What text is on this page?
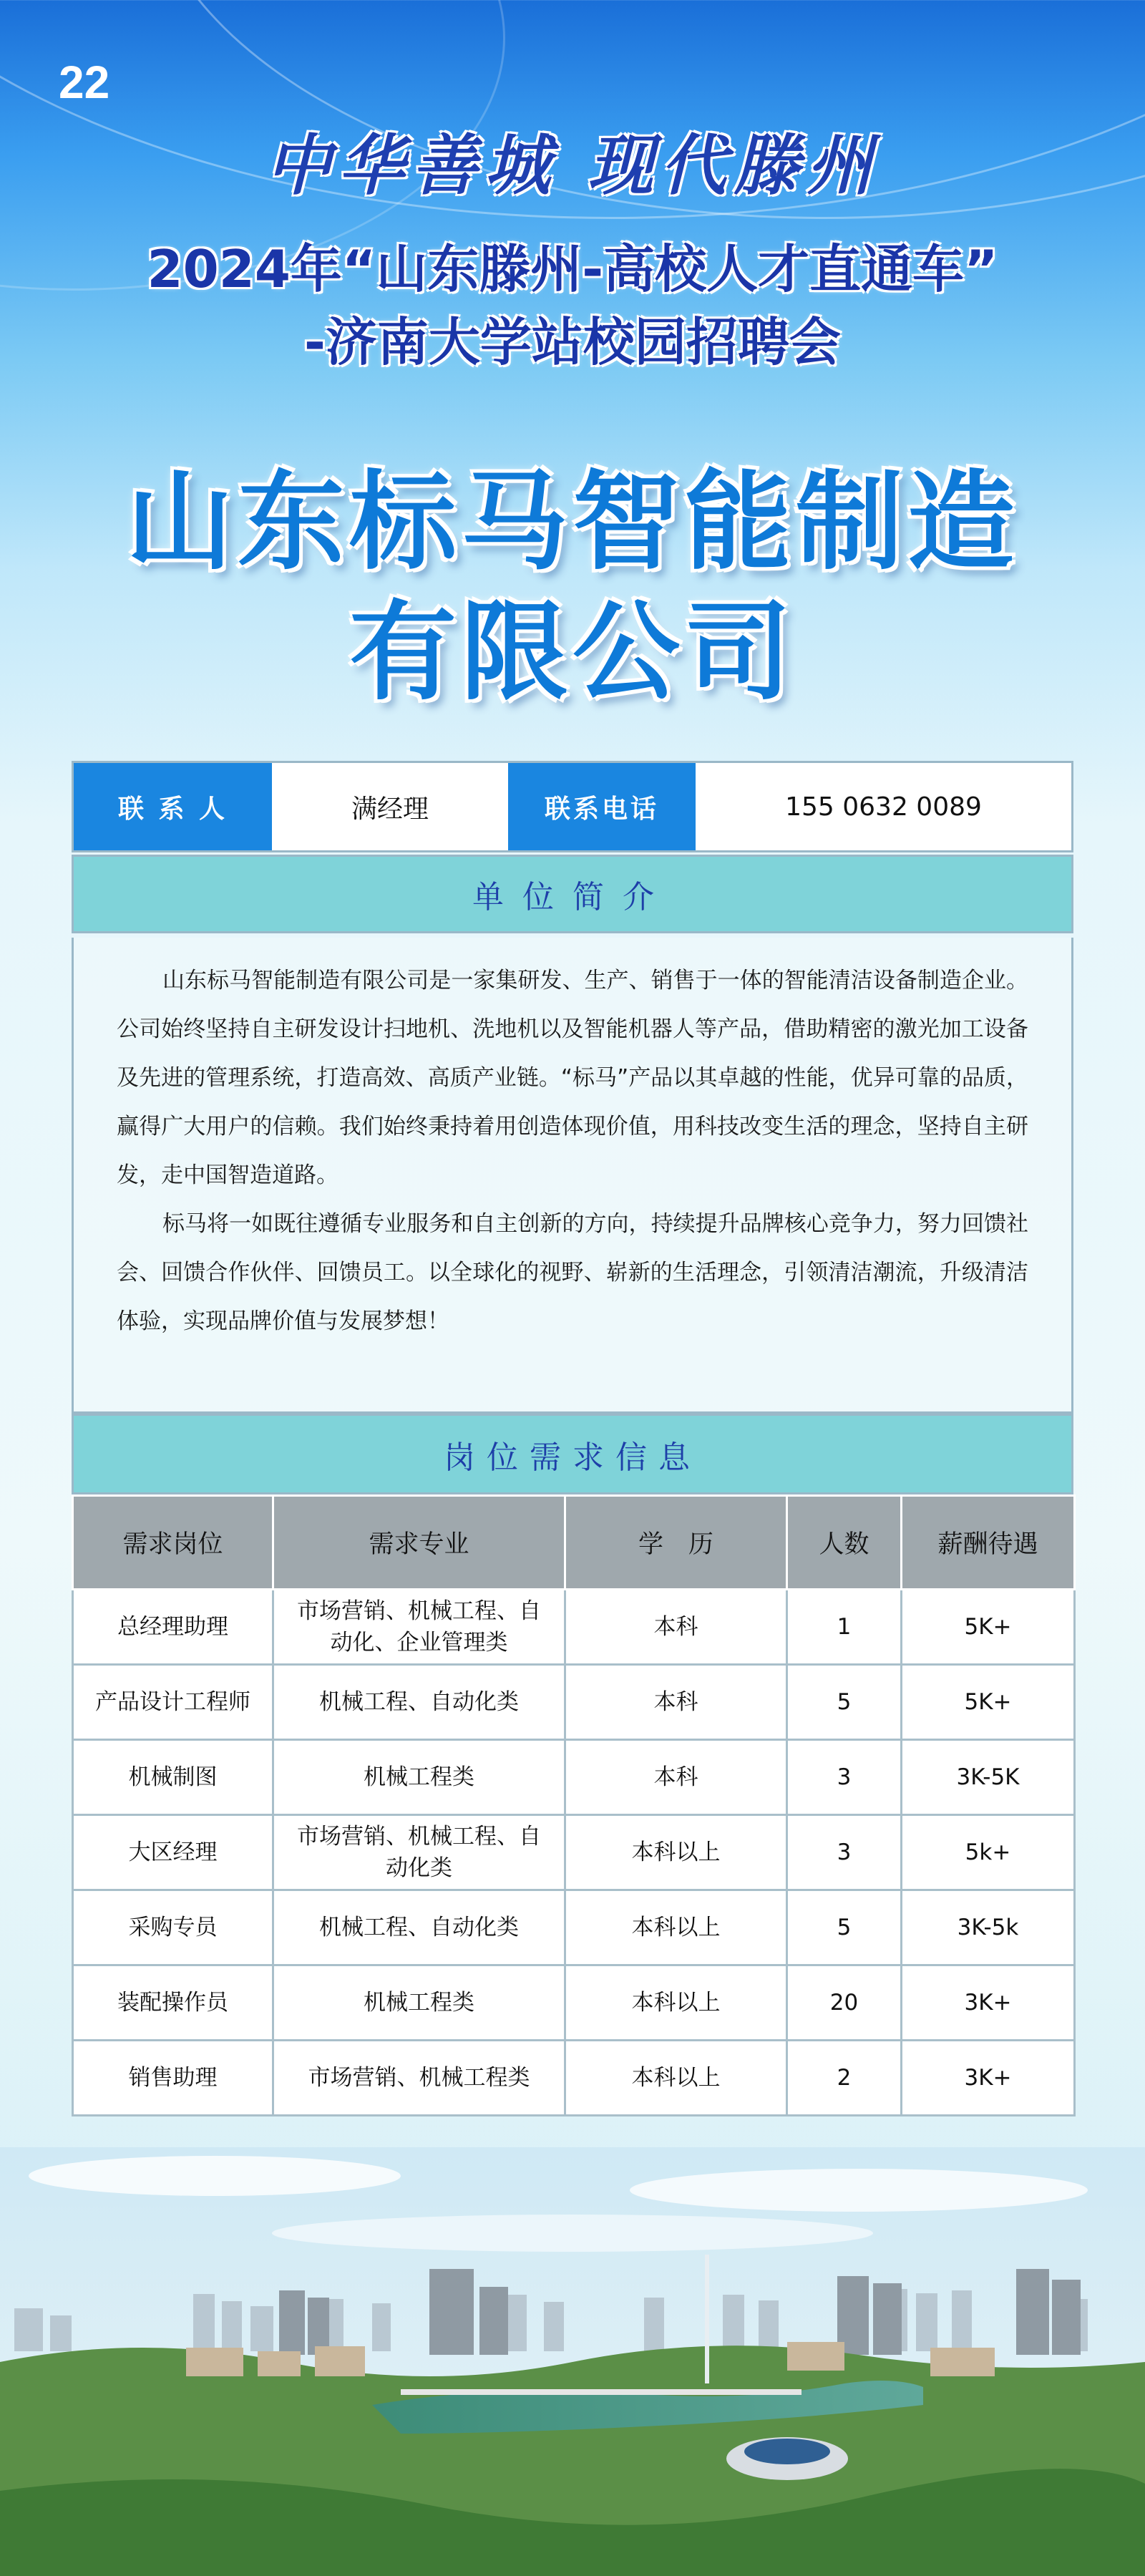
22
中华善城 现代滕州
2024年“山东滕州-高校人才直通车”
-济南大学站校园招聘会
山东标马智能制造
有限公司
联 系 人	满经理	联系电话	155 0632 0089
单位简介

山东标马智能制造有限公司是一家集研发、生产、销售于一体的智能清洁设备制造企业。公司始终坚持自主研发设计扫地机、洗地机以及智能机器人等产品，借助精密的激光加工设备及先进的管理系统，打造高效、高质产业链。“标马”产品以其卓越的性能，优异可靠的品质，赢得广大用户的信赖。我们始终秉持着用创造体现价值，用科技改变生活的理念，坚持自主研发，走中国智造道路。

标马将一如既往遵循专业服务和自主创新的方向，持续提升品牌核心竞争力，努力回馈社会、回馈合作伙伴、回馈员工。以全球化的视野、崭新的生活理念，引领清洁潮流，升级清洁体验，实现品牌价值与发展梦想！

岗位需求信息
需求岗位	需求专业	学　历	人数	薪酬待遇
总经理助理	市场营销、机械工程、自动化、企业管理类	本科	1	5K+
产品设计工程师	机械工程、自动化类	本科	5	5K+
机械制图	机械工程类	本科	3	3K-5K
大区经理	市场营销、机械工程、自动化类	本科以上	3	5k+
采购专员	机械工程、自动化类	本科以上	5	3K-5k
装配操作员	机械工程类	本科以上	20	3K+
销售助理	市场营销、机械工程类	本科以上	2	3K+
